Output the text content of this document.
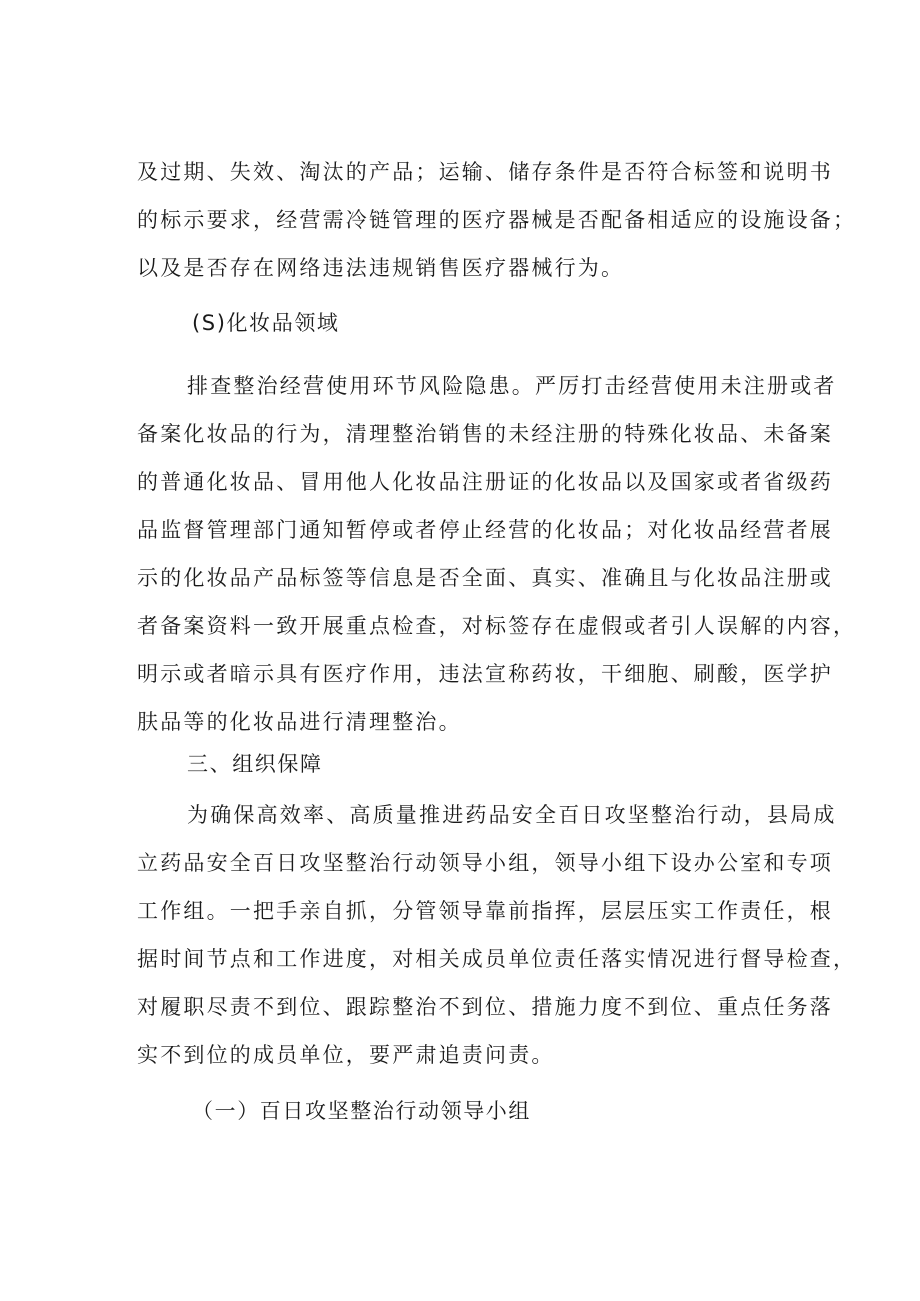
及过期、失效、淘汰的产品；运输、储存条件是否符合标签和说明书
的标示要求，经营需冷链管理的医疗器械是否配备相适应的设施设备；
以及是否存在网络违法违规销售医疗器械行为。
(S)化妆品领域
排查整治经营使用环节风险隐患。严厉打击经营使用未注册或者
备案化妆品的行为，清理整治销售的未经注册的特殊化妆品、未备案
的普通化妆品、冒用他人化妆品注册证的化妆品以及国家或者省级药
品监督管理部门通知暂停或者停止经营的化妆品；对化妆品经营者展
示的化妆品产品标签等信息是否全面、真实、准确且与化妆品注册或
者备案资料一致开展重点检查，对标签存在虚假或者引人误解的内容，
明示或者暗示具有医疗作用，违法宣称药妆，干细胞、刷酸，医学护
肤品等的化妆品进行清理整治。
三、组织保障
为确保高效率、高质量推进药品安全百日攻坚整治行动，县局成
立药品安全百日攻坚整治行动领导小组，领导小组下设办公室和专项
工作组。一把手亲自抓，分管领导靠前指挥，层层压实工作责任，根
据时间节点和工作进度，对相关成员单位责任落实情况进行督导检查，
对履职尽责不到位、跟踪整治不到位、措施力度不到位、重点任务落
实不到位的成员单位，要严肃追责问责。
（一）百日攻坚整治行动领导小组
